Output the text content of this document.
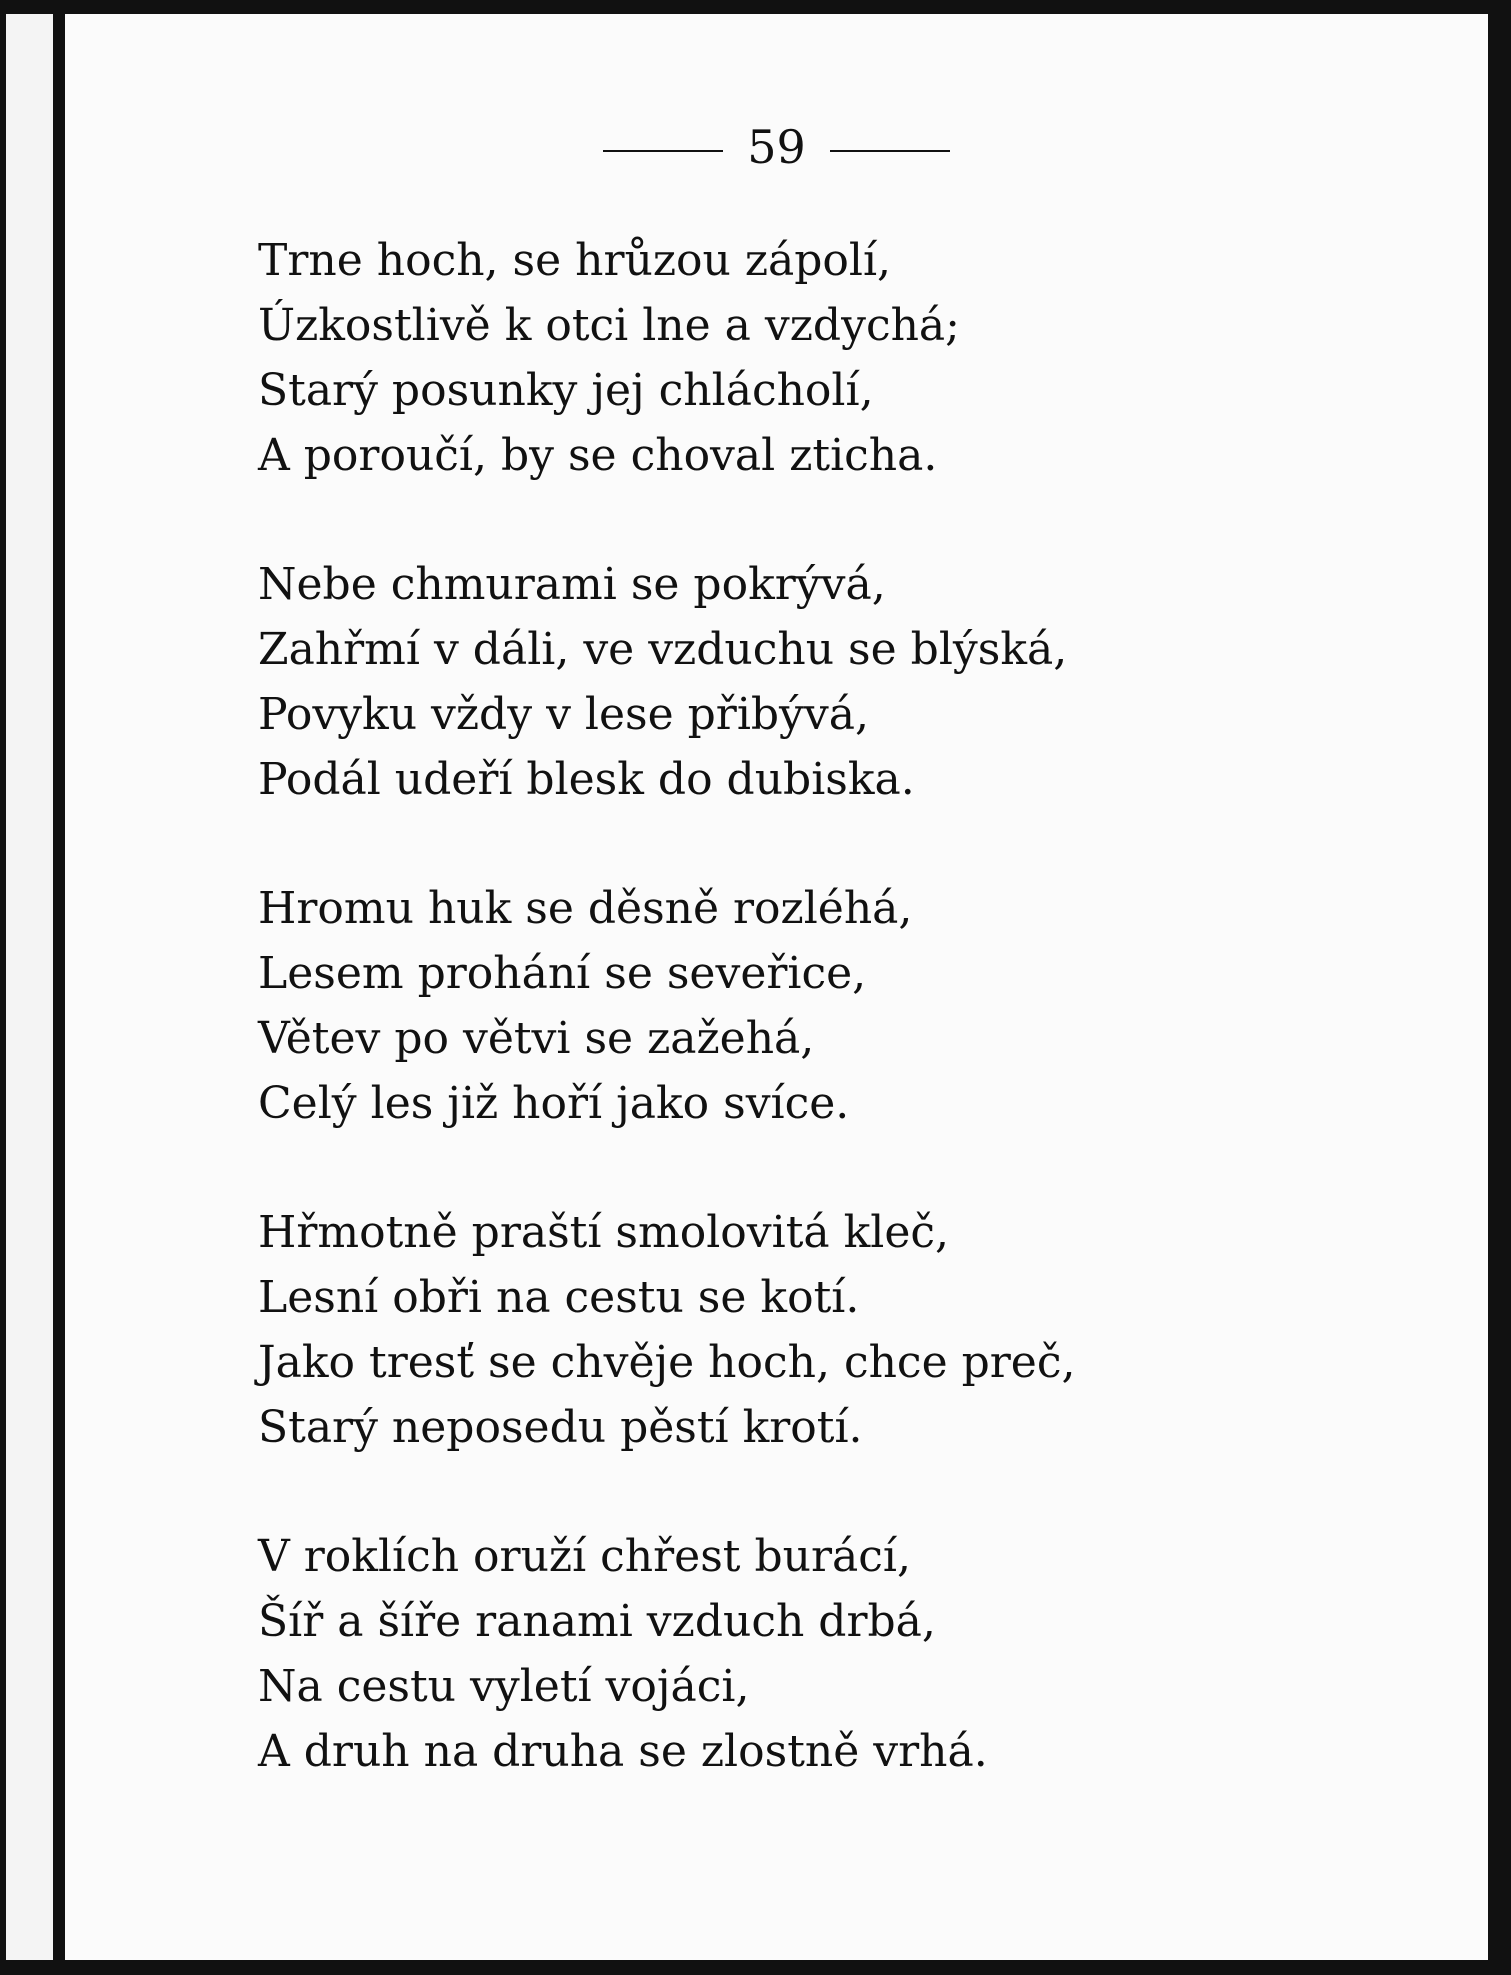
59
Trne hoch, se hrůzou zápolí,
Úzkostlivě k otci lne a vzdychá;
Starý posunky jej chlácholí,
A poroučí, by se choval zticha.
Nebe chmurami se pokrývá,
Zahřmí v dáli, ve vzduchu se blýská,
Povyku vždy v lese přibývá,
Podál udeří blesk do dubiska.
Hromu huk se děsně rozléhá,
Lesem prohání se seveřice,
Větev po větvi se zažehá,
Celý les již hoří jako svíce.
Hřmotně praští smolovitá kleč,
Lesní obři na cestu se kotí.
Jako tresť se chvěje hoch, chce preč,
Starý neposedu pěstí krotí.
V roklích oruží chřest burácí,
Šíř a šíře ranami vzduch drbá,
Na cestu vyletí vojáci,
A druh na druha se zlostně vrhá.
